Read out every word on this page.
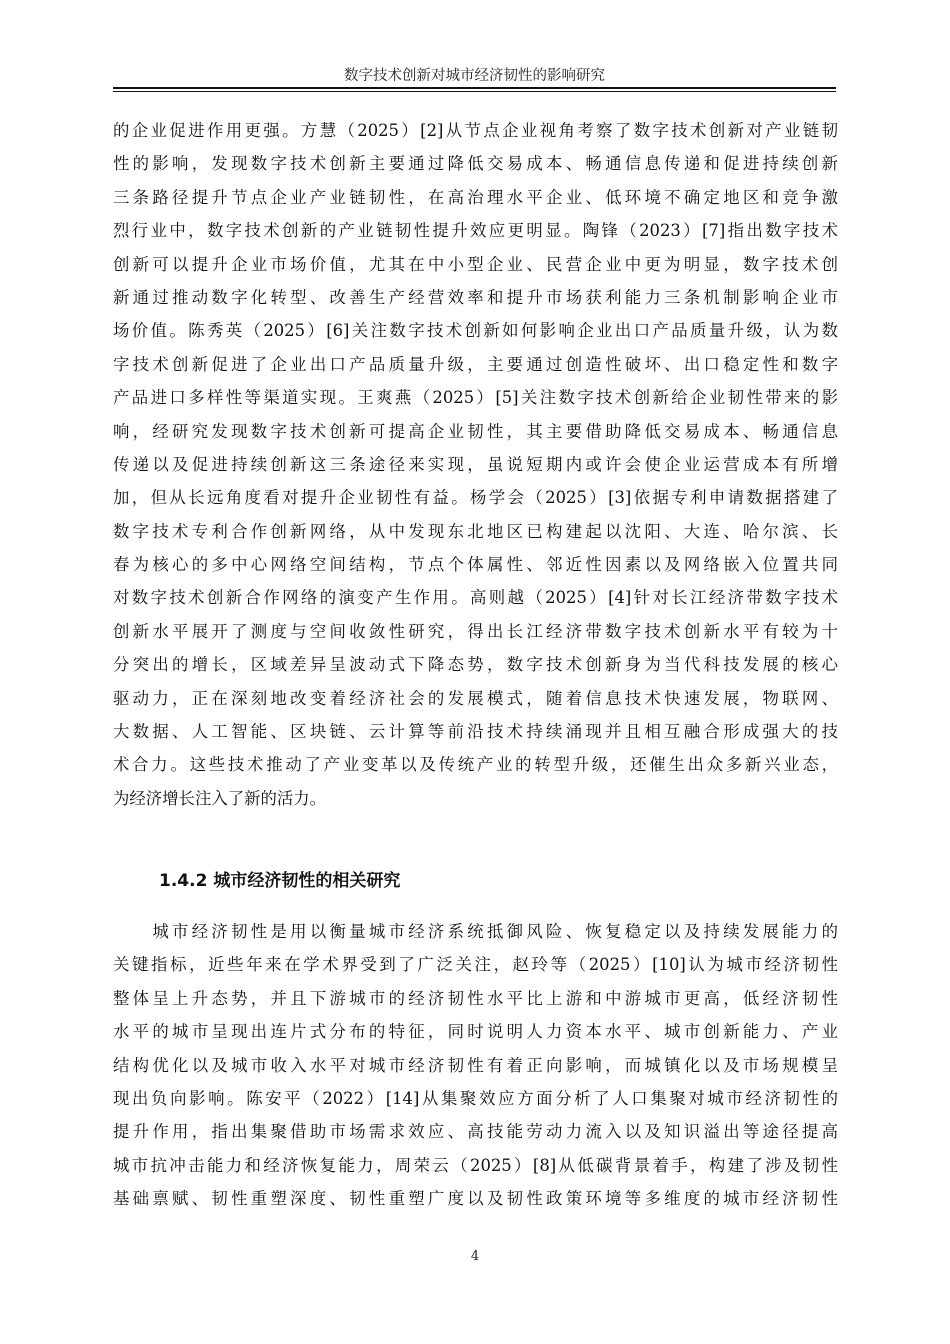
数字技术创新对城市经济韧性的影响研究
的企业促进作用更强。方慧（2025）[2]从节点企业视角考察了数字技术创新对产业链韧
性的影响，发现数字技术创新主要通过降低交易成本、畅通信息传递和促进持续创新
三条路径提升节点企业产业链韧性，在高治理水平企业、低环境不确定地区和竞争激
烈行业中，数字技术创新的产业链韧性提升效应更明显。陶锋（2023）[7]指出数字技术
创新可以提升企业市场价值，尤其在中小型企业、民营企业中更为明显，数字技术创
新通过推动数字化转型、改善生产经营效率和提升市场获利能力三条机制影响企业市
场价值。陈秀英（2025）[6]关注数字技术创新如何影响企业出口产品质量升级，认为数
字技术创新促进了企业出口产品质量升级，主要通过创造性破坏、出口稳定性和数字
产品进口多样性等渠道实现。王爽燕（2025）[5]关注数字技术创新给企业韧性带来的影
响，经研究发现数字技术创新可提高企业韧性，其主要借助降低交易成本、畅通信息
传递以及促进持续创新这三条途径来实现，虽说短期内或许会使企业运营成本有所增
加，但从长远角度看对提升企业韧性有益。杨学会（2025）[3]依据专利申请数据搭建了
数字技术专利合作创新网络，从中发现东北地区已构建起以沈阳、大连、哈尔滨、长
春为核心的多中心网络空间结构，节点个体属性、邻近性因素以及网络嵌入位置共同
对数字技术创新合作网络的演变产生作用。高则越（2025）[4]针对长江经济带数字技术
创新水平展开了测度与空间收敛性研究，得出长江经济带数字技术创新水平有较为十
分突出的增长，区域差异呈波动式下降态势，数字技术创新身为当代科技发展的核心
驱动力，正在深刻地改变着经济社会的发展模式，随着信息技术快速发展，物联网、
大数据、人工智能、区块链、云计算等前沿技术持续涌现并且相互融合形成强大的技
术合力。这些技术推动了产业变革以及传统产业的转型升级，还催生出众多新兴业态，
为经济增长注入了新的活力。
1.4.2 城市经济韧性的相关研究
　　城市经济韧性是用以衡量城市经济系统抵御风险、恢复稳定以及持续发展能力的
关键指标，近些年来在学术界受到了广泛关注，赵玲等（2025）[10]认为城市经济韧性
整体呈上升态势，并且下游城市的经济韧性水平比上游和中游城市更高，低经济韧性
水平的城市呈现出连片式分布的特征，同时说明人力资本水平、城市创新能力、产业
结构优化以及城市收入水平对城市经济韧性有着正向影响，而城镇化以及市场规模呈
现出负向影响。陈安平（2022）[14]从集聚效应方面分析了人口集聚对城市经济韧性的
提升作用，指出集聚借助市场需求效应、高技能劳动力流入以及知识溢出等途径提高
城市抗冲击能力和经济恢复能力，周荣云（2025）[8]从低碳背景着手，构建了涉及韧性
基础禀赋、韧性重塑深度、韧性重塑广度以及韧性政策环境等多维度的城市经济韧性
4
